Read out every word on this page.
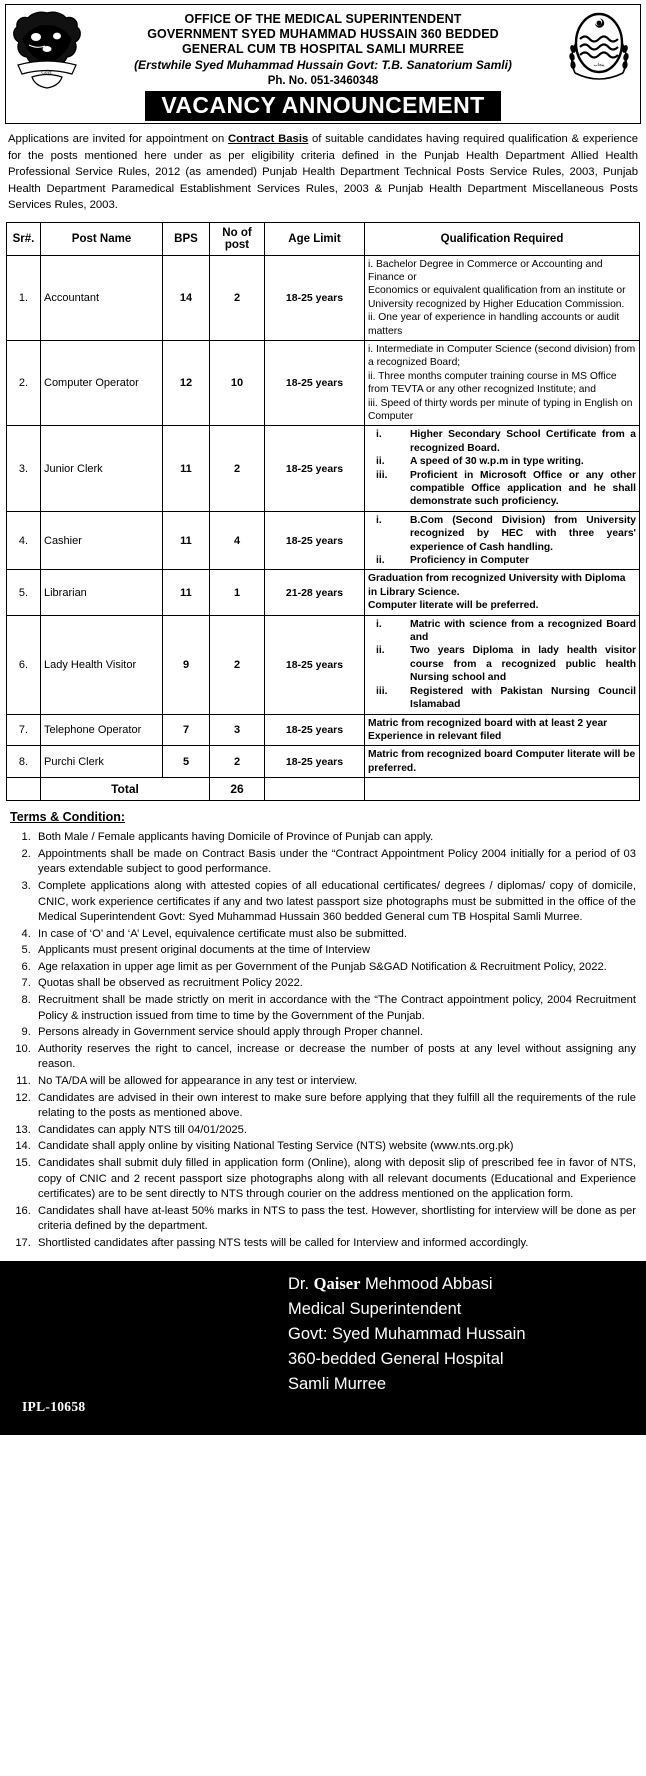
Govt.
OFFICE OF THE MEDICAL SUPERINTENDENT
GOVERNMENT SYED MUHAMMAD HUSSAIN 360 BEDDED
GENERAL CUM TB HOSPITAL SAMLI MURREE
(Erstwhile Syed Muhammad Hussain Govt: T.B. Sanatorium Samli)
Ph. No. 051-3460348
VACANCY ANNOUNCEMENT
پنجاب
Applications are invited for appointment on Contract Basis of suitable candidates having required qualification & experience for the posts mentioned here under as per eligibility criteria defined in the Punjab Health Department Allied Health Professional Service Rules, 2012 (as amended) Punjab Health Department Technical Posts Service Rules, 2003, Punjab Health Department Paramedical Establishment Services Rules, 2003 & Punjab Health Department Miscellaneous Posts Services Rules, 2003.
Sr#.	Post Name	BPS	No of post	Age Limit	Qualification Required
1.	Accountant	14	2	18-25 years	i. Bachelor Degree in Commerce or Accounting and Finance or
Economics or equivalent qualification from an institute or University recognized by Higher Education Commission.
ii. One year of experience in handling accounts or audit
matters

2.	Computer Operator	12	10	18-25 years	i. Intermediate in Computer Science (second division) from a recognized Board;
ii. Three months computer training course in MS Office from TEVTA or any other recognized Institute; and
iii. Speed of thirty words per minute of typing in English on Computer

3.	Junior Clerk	11	2	18-25 years	
i.	Higher Secondary School Certificate from a recognized Board.
ii.	A speed of 30 w.p.m in type writing.
iii.	Proficient in Microsoft Office or any other compatible Office application and he shall demonstrate such proficiency.

4.	Cashier	11	4	18-25 years	
i.	B.Com (Second Division) from University recognized by HEC with three years' experience of Cash handling.
ii.	Proficiency in Computer

5.	Librarian	11	1	21-28 years	Graduation from recognized University with Diploma in Library Science.
Computer literate will be preferred.

6.	Lady Health Visitor	9	2	18-25 years	
i.	Matric with science from a recognized Board and
ii.	Two years Diploma in lady health visitor course from a recognized public health Nursing school and
iii.	Registered with Pakistan Nursing Council Islamabad

7.	Telephone Operator	7	3	18-25 years	Matric from recognized board with at least 2 year Experience in relevant filed

8.	Purchi Clerk	5	2	18-25 years	Matric from recognized board Computer literate will be preferred.

	Total		26		
Terms & Condition:
1. Both Male / Female applicants having Domicile of Province of Punjab can apply.
2. Appointments shall be made on Contract Basis under the “Contract Appointment Policy 2004 initially for a period of 03 years extendable subject to good performance.
3. Complete applications along with attested copies of all educational certificates/ degrees / diplomas/ copy of domicile, CNIC, work experience certificates if any and two latest passport size photographs must be submitted in the office of the Medical Superintendent Govt: Syed Muhammad Hussain 360 bedded General cum TB Hospital Samli Murree.
4. In case of ‘O’ and ‘A’ Level, equivalence certificate must also be submitted.
5. Applicants must present original documents at the time of Interview
6. Age relaxation in upper age limit as per Government of the Punjab S&GAD Notification & Recruitment Policy, 2022.
7. Quotas shall be observed as recruitment Policy 2022.
8. Recruitment shall be made strictly on merit in accordance with the “The Contract appointment policy, 2004 Recruitment Policy & instruction issued from time to time by the Government of the Punjab.
9. Persons already in Government service should apply through Proper channel.
10. Authority reserves the right to cancel, increase or decrease the number of posts at any level without assigning any reason.
11. No TA/DA will be allowed for appearance in any test or interview.
12. Candidates are advised in their own interest to make sure before applying that they fulfill all the requirements of the rule relating to the posts as mentioned above.
13. Candidates can apply NTS till 04/01/2025.
14. Candidate shall apply online by visiting National Testing Service (NTS) website (www.nts.org.pk)
15. Candidates shall submit duly filled in application form (Online), along with deposit slip of prescribed fee in favor of NTS, copy of CNIC and 2 recent passport size photographs along with all relevant documents (Educational and Experience certificates) are to be sent directly to NTS through courier on the address mentioned on the application form.
16. Candidates shall have at-least 50% marks in NTS to pass the test. However, shortlisting for interview will be done as per criteria defined by the department.
17. Shortlisted candidates after passing NTS tests will be called for Interview and informed accordingly.
Dr. Qaiser Mehmood Abbasi
Medical Superintendent
Govt: Syed Muhammad Hussain
360-bedded General Hospital
Samli Murree
IPL-10658
